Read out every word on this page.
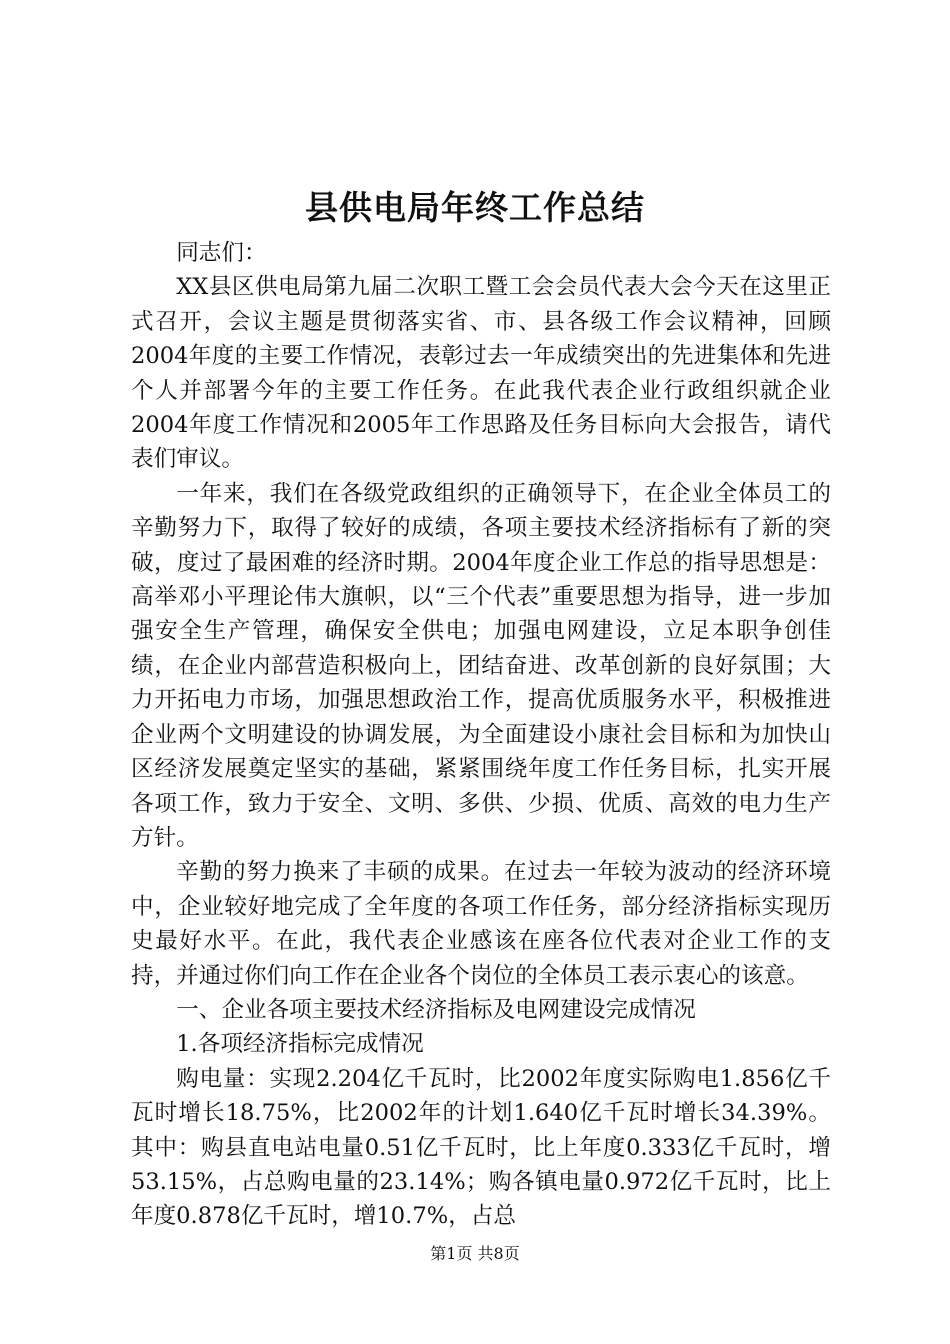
县供电局年终工作总结

同志们：

XX县区供电局第九届二次职工暨工会会员代表大会今天在这里正式召开，会议主题是贯彻落实省、市、县各级工作会议精神，回顾2004年度的主要工作情况，表彰过去一年成绩突出的先进集体和先进个人并部署今年的主要工作任务。在此我代表企业行政组织就企业2004年度工作情况和2005年工作思路及任务目标向大会报告，请代表们审议。

一年来，我们在各级党政组织的正确领导下，在企业全体员工的辛勤努力下，取得了较好的成绩，各项主要技术经济指标有了新的突破，度过了最困难的经济时期。2004年度企业工作总的指导思想是：高举邓小平理论伟大旗帜，以“三个代表”重要思想为指导，进一步加强安全生产管理，确保安全供电；加强电网建设，立足本职争创佳绩，在企业内部营造积极向上，团结奋进、改革创新的良好氛围；大力开拓电力市场，加强思想政治工作，提高优质服务水平，积极推进企业两个文明建设的协调发展，为全面建设小康社会目标和为加快山区经济发展奠定坚实的基础，紧紧围绕年度工作任务目标，扎实开展各项工作，致力于安全、文明、多供、少损、优质、高效的电力生产方针。

辛勤的努力换来了丰硕的成果。在过去一年较为波动的经济环境中，企业较好地完成了全年度的各项工作任务，部分经济指标实现历史最好水平。在此，我代表企业感该在座各位代表对企业工作的支持，并通过你们向工作在企业各个岗位的全体员工表示衷心的该意。

一、企业各项主要技术经济指标及电网建设完成情况

1.各项经济指标完成情况

购电量：实现2.204亿千瓦时，比2002年度实际购电1.856亿千瓦时增长18.75%，比2002年的计划1.640亿千瓦时增长34.39%。其中：购县直电站电量0.51亿千瓦时，比上年度0.333亿千瓦时，增53.15%，占总购电量的23.14%；购各镇电量0.972亿千瓦时，比上年度0.878亿千瓦时，增10.7%，占总

第1页 共8页
